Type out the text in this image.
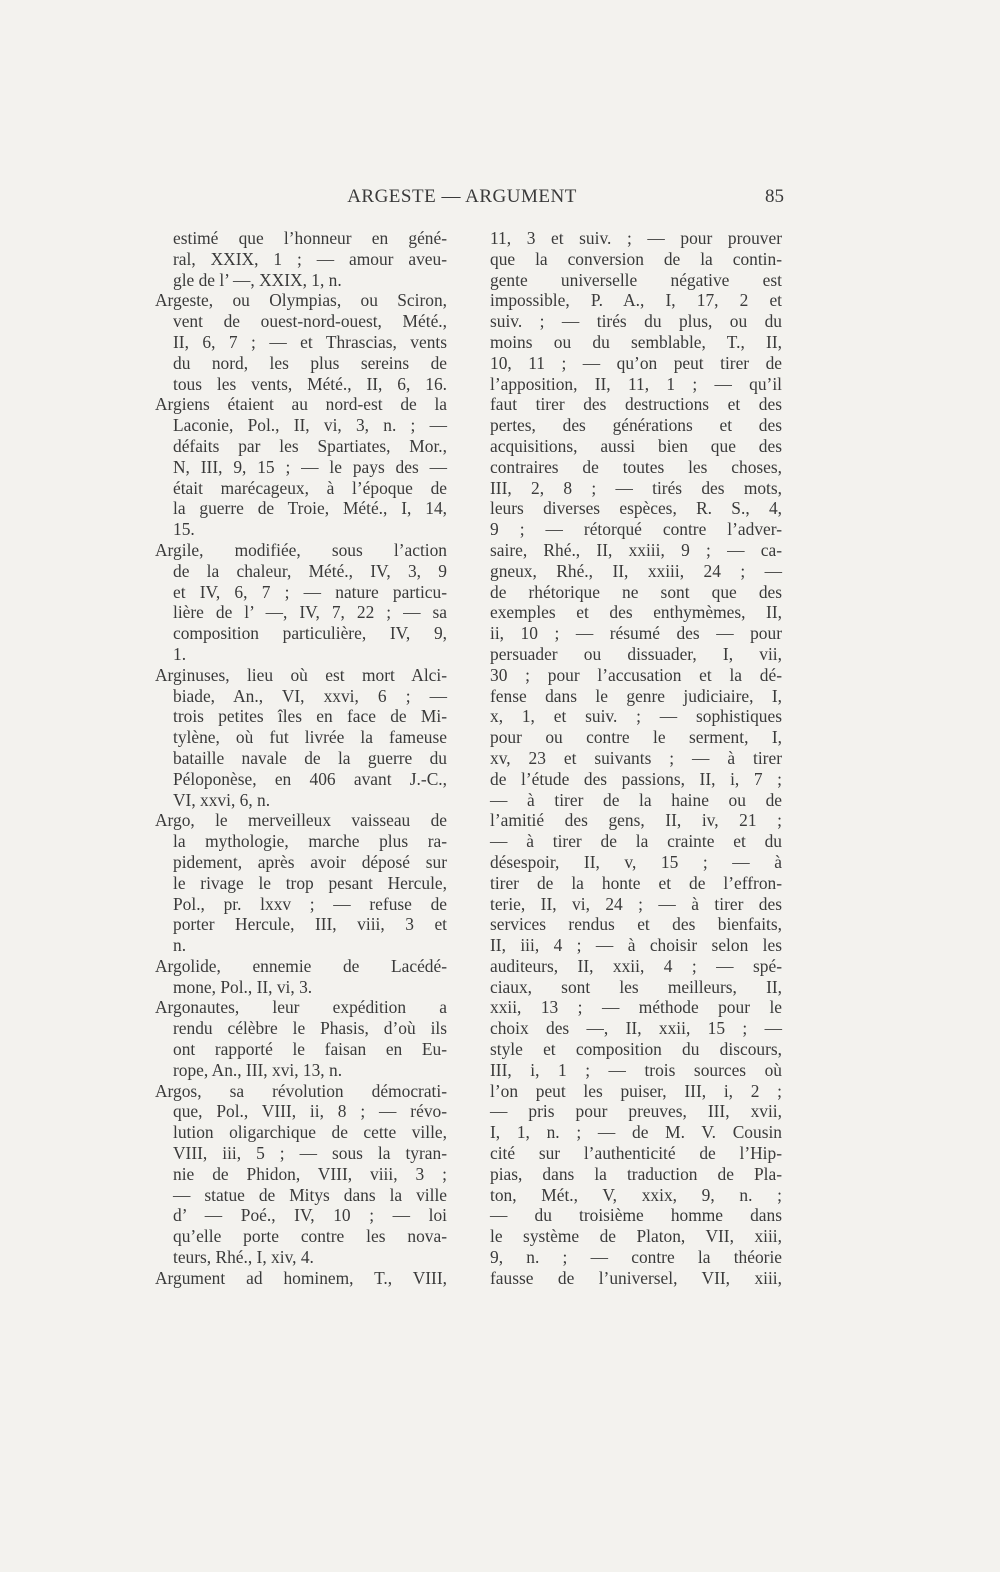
ARGESTE — ARGUMENT	85
estimé que l’honneur en géné-
ral, XXIX, 1 ; — amour aveu-
gle de l’ —, XXIX, 1, n.
Argeste, ou Olympias, ou Sciron,
vent de ouest-nord-ouest, Mété.,
II, 6, 7 ; — et Thrascias, vents
du nord, les plus sereins de
tous les vents, Mété., II, 6, 16.
Argiens étaient au nord-est de la
Laconie, Pol., II, vi, 3, n. ; —
défaits par les Spartiates, Mor.,
N, III, 9, 15 ; — le pays des —
était marécageux, à l’époque de
la guerre de Troie, Mété., I, 14,
15.
Argile, modifiée, sous l’action
de la chaleur, Mété., IV, 3, 9
et IV, 6, 7 ; — nature particu-
lière de l’ —, IV, 7, 22 ; — sa
composition particulière, IV, 9,
1.
Arginuses, lieu où est mort Alci-
biade, An., VI, xxvi, 6 ; —
trois petites îles en face de Mi-
tylène, où fut livrée la fameuse
bataille navale de la guerre du
Péloponèse, en 406 avant J.-C.,
VI, xxvi, 6, n.
Argo, le merveilleux vaisseau de
la mythologie, marche plus ra-
pidement, après avoir déposé sur
le rivage le trop pesant Hercule,
Pol., pr. lxxv ; — refuse de
porter Hercule, III, viii, 3 et
n.
Argolide, ennemie de Lacédé-
mone, Pol., II, vi, 3.
Argonautes, leur expédition a
rendu célèbre le Phasis, d’où ils
ont rapporté le faisan en Eu-
rope, An., III, xvi, 13, n.
Argos, sa révolution démocrati-
que, Pol., VIII, ii, 8 ; — révo-
lution oligarchique de cette ville,
VIII, iii, 5 ; — sous la tyran-
nie de Phidon, VIII, viii, 3 ;
— statue de Mitys dans la ville
d’ — Poé., IV, 10 ; — loi
qu’elle porte contre les nova-
teurs, Rhé., I, xiv, 4.
Argument ad hominem, T., VIII,
11, 3 et suiv. ; — pour prouver
que la conversion de la contin-
gente universelle négative est
impossible, P. A., I, 17, 2 et
suiv. ; — tirés du plus, ou du
moins ou du semblable, T., II,
10, 11 ; — qu’on peut tirer de
l’apposition, II, 11, 1 ; — qu’il
faut tirer des destructions et des
pertes, des générations et des
acquisitions, aussi bien que des
contraires de toutes les choses,
III, 2, 8 ; — tirés des mots,
leurs diverses espèces, R. S., 4,
9 ; — rétorqué contre l’adver-
saire, Rhé., II, xxiii, 9 ; — ca-
gneux, Rhé., II, xxiii, 24 ; —
de rhétorique ne sont que des
exemples et des enthymèmes, II,
ii, 10 ; — résumé des — pour
persuader ou dissuader, I, vii,
30 ; pour l’accusation et la dé-
fense dans le genre judiciaire, I,
x, 1, et suiv. ; — sophistiques
pour ou contre le serment, I,
xv, 23 et suivants ; — à tirer
de l’étude des passions, II, i, 7 ;
— à tirer de la haine ou de
l’amitié des gens, II, iv, 21 ;
— à tirer de la crainte et du
désespoir, II, v, 15 ; — à
tirer de la honte et de l’effron-
terie, II, vi, 24 ; — à tirer des
services rendus et des bienfaits,
II, iii, 4 ; — à choisir selon les
auditeurs, II, xxii, 4 ; — spé-
ciaux, sont les meilleurs, II,
xxii, 13 ; — méthode pour le
choix des —, II, xxii, 15 ; —
style et composition du discours,
III, i, 1 ; — trois sources où
l’on peut les puiser, III, i, 2 ;
— pris pour preuves, III, xvii,
I, 1, n. ; — de M. V. Cousin
cité sur l’authenticité de l’Hip-
pias, dans la traduction de Pla-
ton, Mét., V, xxix, 9, n. ;
— du troisième homme dans
le système de Platon, VII, xiii,
9, n. ; — contre la théorie
fausse de l’universel, VII, xiii,
